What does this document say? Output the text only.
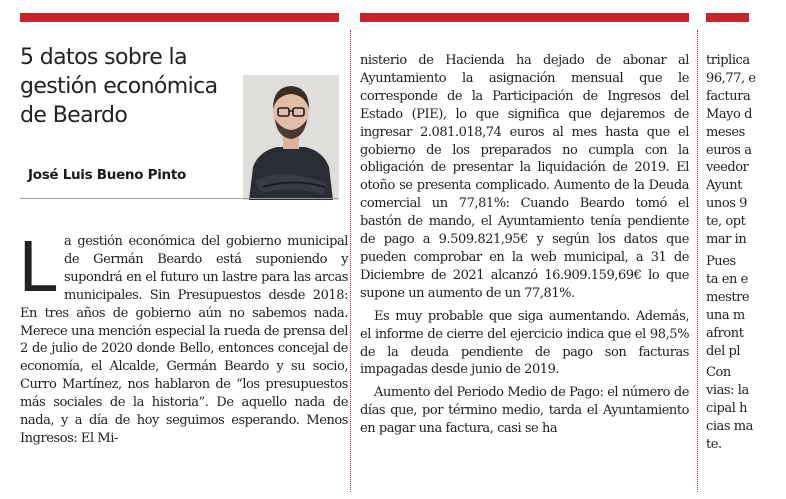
5 datos sobre la gestión económica de Beardo

José Luis Bueno Pinto

L a gestión económica del gobierno municipal de Germán Beardo está suponiendo y supondrá en el futuro un lastre para las arcas municipales. Sin Presupuestos desde 2018: En tres años de gobierno aún no sabemos nada. Merece una mención especial la rueda de prensa del 2 de julio de 2020 donde Bello, entonces concejal de economía, el Alcalde, Germán Beardo y su socio, Curro Martínez, nos hablaron de “los presupuestos más sociales de la historia”. De aquello nada de nada, y a día de hoy seguimos esperando. Menos Ingresos: El Mi-

nisterio de Hacienda ha dejado de abonar al Ayuntamiento la asignación mensual que le corresponde de la Participación de Ingresos del Estado (PIE), lo que significa que dejaremos de ingresar 2.081.018,74 euros al mes hasta que el gobierno de los preparados no cumpla con la obligación de presentar la liquidación de 2019. El otoño se presenta complicado. Aumento de la Deuda comercial un 77,81%: Cuando Beardo tomó el bastón de mando, el Ayuntamiento tenía pendiente de pago a 9.509.821,95€ y según los datos que pueden comprobar en la web municipal, a 31 de Diciembre de 2021 alcanzó 16.909.159,69€ lo que supone un aumento de un 77,81%.

Es muy probable que siga aumentando. Además, el informe de cierre del ejercicio indica que el 98,5% de la deuda pendiente de pago son facturas impagadas desde junio de 2019.

Aumento del Periodo Medio de Pago: el número de días que, por término medio, tarda el Ayuntamiento en pagar una factura, casi se ha

triplica
96,77, e
factura
Mayo d
meses
euros a
veedor
Ayunt
unos 9
te, opt
mar in
Pues
ta en e
mestre
una m
afront
del pl
Con
vias: la
cipal h
cias ma
te.
